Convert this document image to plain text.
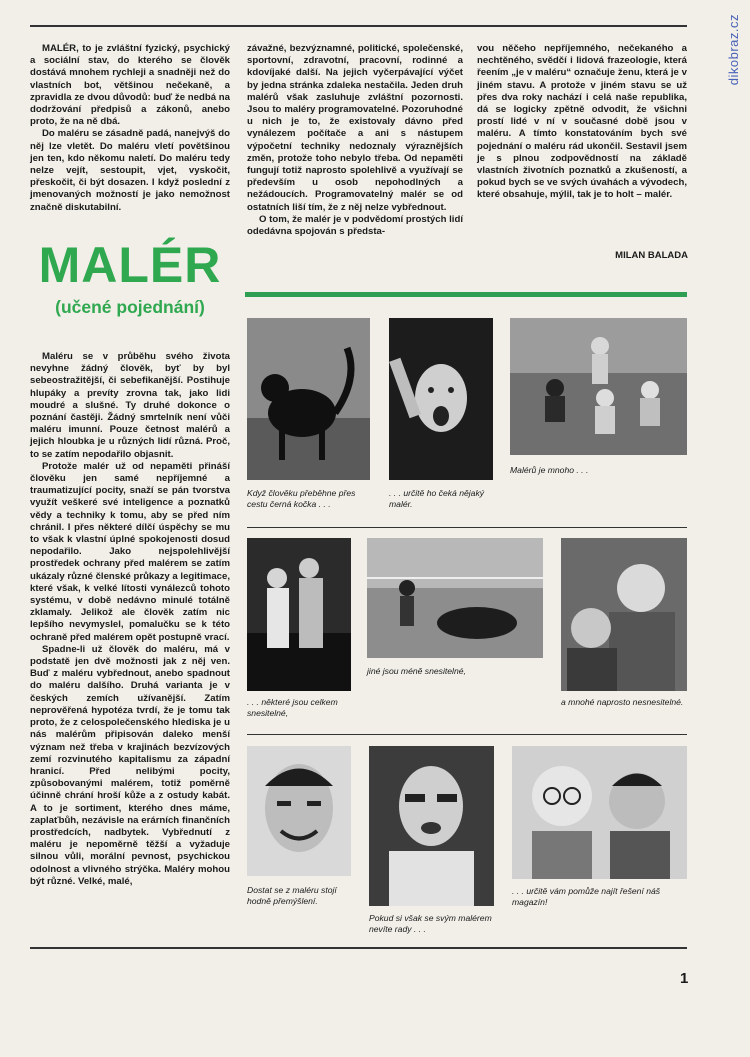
dikobraz.cz

MALÉR, to je zvláštní fyzický, psychický a sociální stav, do kterého se člověk dostává mnohem rychleji a snadněji než do vlastních bot, většinou nečekaně, a zpravidla ze dvou důvodů: buď že nedbá na dodržování předpisů a zákonů, anebo proto, že na ně dbá.

Do maléru se zásadně padá, nanejvýš do něj lze vletět. Do maléru vletí povětšinou jen ten, kdo někomu naletí. Do maléru tedy nelze vejít, sestoupit, vjet, vyskočit, přeskočit, či být dosazen. I když poslední z jmenovaných možností je jako nemožnost značně diskutabilní.

závažné, bezvýznamné, politické, společenské, sportovní, zdravotní, pracovní, rodinné a kdovíjaké další. Na jejich vyčerpávající výčet by jedna stránka zdaleka nestačila. Jeden druh malérů však zasluhuje zvláštní pozornosti. Jsou to maléry programovatelné. Pozoruhodné u nich je to, že existovaly dávno před vynálezem počítače a ani s nástupem výpočetní techniky nedoznaly výraznějších změn, protože toho nebylo třeba. Od nepaměti fungují totiž naprosto spolehlivě a využívají se především u osob nepohodlných a nežádoucích. Programovatelný malér se od ostatních liší tím, že z něj nelze vybřednout.

O tom, že malér je v podvědomí prostých lidí odedávna spojován s předsta-

vou něčeho nepříjemného, nečekaného a nechtěného, svědčí i lidová frazeologie, která řeením „je v maléru“ označuje ženu, která je v jiném stavu. A protože v jiném stavu se už přes dva roky nachází i celá naše republika, dá se logicky zpětně odvodit, že všichni prostí lidé v ní v současné době jsou v maléru. A tímto konstatováním bych své pojednání o maléru rád ukončil. Sestavil jsem je s plnou zodpovědností na základě vlastních životních poznatků a zkušeností, a pokud bych se ve svých úvahách a vývodech, které obsahuje, mýlil, tak je to holt – malér.

MILAN BALADA
MALÉR
(učené pojednání)

Maléru se v průběhu svého života nevyhne žádný člověk, byť by byl sebeostražitější, či sebefikanější. Postihuje hlupáky a prevíty zrovna tak, jako lidi moudré a slušné. Ty druhé dokonce o poznání častěji. Žádný smrtelník není vůči maléru imunní. Pouze četnost malérů a jejich hloubka je u různých lidí různá. Proč, to se zatím nepodařilo objasnit.

Protože malér už od nepaměti přináší člověku jen samé nepříjemné a traumatizující pocity, snaží se pán tvorstva využít veškeré své inteligence a poznatků vědy a techniky k tomu, aby se před ním chránil. I přes některé dílčí úspěchy se mu to však k vlastní úplné spokojenosti dosud nepodařilo. Jako nejspolehlivější prostředek ochrany před malérem se zatím ukázaly různé členské průkazy a legitimace, které však, k velké lítosti vynálezců tohoto systému, v době nedávno minulé totálně zklamaly. Jelikož ale člověk zatím nic lepšího nevymyslel, pomalučku se k této ochraně před malérem opět postupně vrací.

Spadne-li už člověk do maléru, má v podstatě jen dvě možnosti jak z něj ven. Buď z maléru vybřednout, anebo spadnout do maléru dalšího. Druhá varianta je v českých zemích užívanější. Zatím neprověřená hypotéza tvrdí, že je tomu tak proto, že z celospolečenského hlediska je u nás malérům připisován daleko menší význam než třeba v krajinách bezvízových zemí rozvinutého kapitalismu za západní hranicí. Před nelibými pocity, způsobovanými malérem, totiž poměrně účinně chrání hroší kůže a z ostudy kabát. A to je sortiment, kterého dnes máme, zaplaťbůh, nezávisle na erárních finančních prostředcích, nadbytek. Vybřednutí z maléru je nepoměrně těžší a vyžaduje silnou vůli, morální pevnost, psychickou odolnost a vlivného strýčka. Maléry mohou být různé. Velké, malé,

Když člověku přeběhne přes cestu černá kočka . . .
. . . určitě ho čeká nějaký malér.
Malérů je mnoho . . .
. . . některé jsou celkem snesitelné,
jiné jsou méně snesitelné,
a mnohé naprosto nesnesitelné.
Dostat se z maléru stojí hodně přemýšlení.
Pokud si však se svým malérem nevíte rady . . .
. . . určitě vám pomůže najít řešení náš magazín!
1
